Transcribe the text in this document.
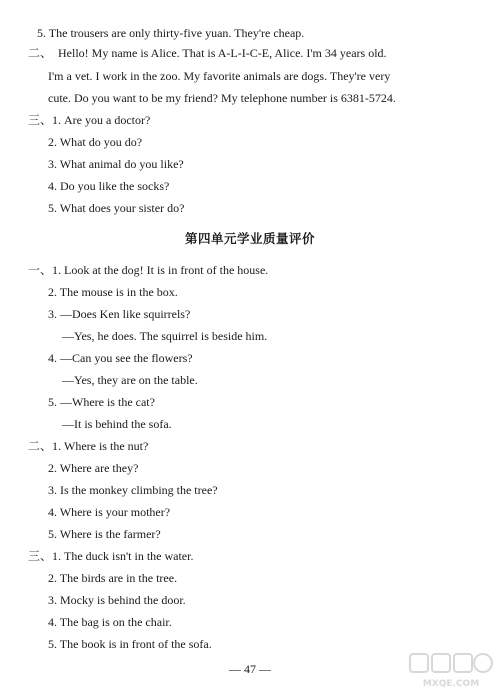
5. The trousers are only thirty-five yuan. They're cheap.
二、　Hello! My name is Alice. That is A-L-I-C-E, Alice. I'm 34 years old.
I'm a vet. I work in the zoo. My favorite animals are dogs. They're very
cute. Do you want to be my friend? My telephone number is 6381-5724.
三、1. Are you a doctor?
2. What do you do?
3. What animal do you like?
4. Do you like the socks?
5. What does your sister do?
第四单元学业质量评价
一、1. Look at the dog! It is in front of the house.
2. The mouse is in the box.
3. —Does Ken like squirrels?
—Yes, he does. The squirrel is beside him.
4. —Can you see the flowers?
—Yes, they are on the table.
5. —Where is the cat?
—It is behind the sofa.
二、1. Where is the nut?
2. Where are they?
3. Is the monkey climbing the tree?
4. Where is your mother?
5. Where is the farmer?
三、1. The duck isn't in the water.
2. The birds are in the tree.
3. Mocky is behind the door.
4. The bag is on the chair.
5. The book is in front of the sofa.
— 47 —
MXQE.COM
